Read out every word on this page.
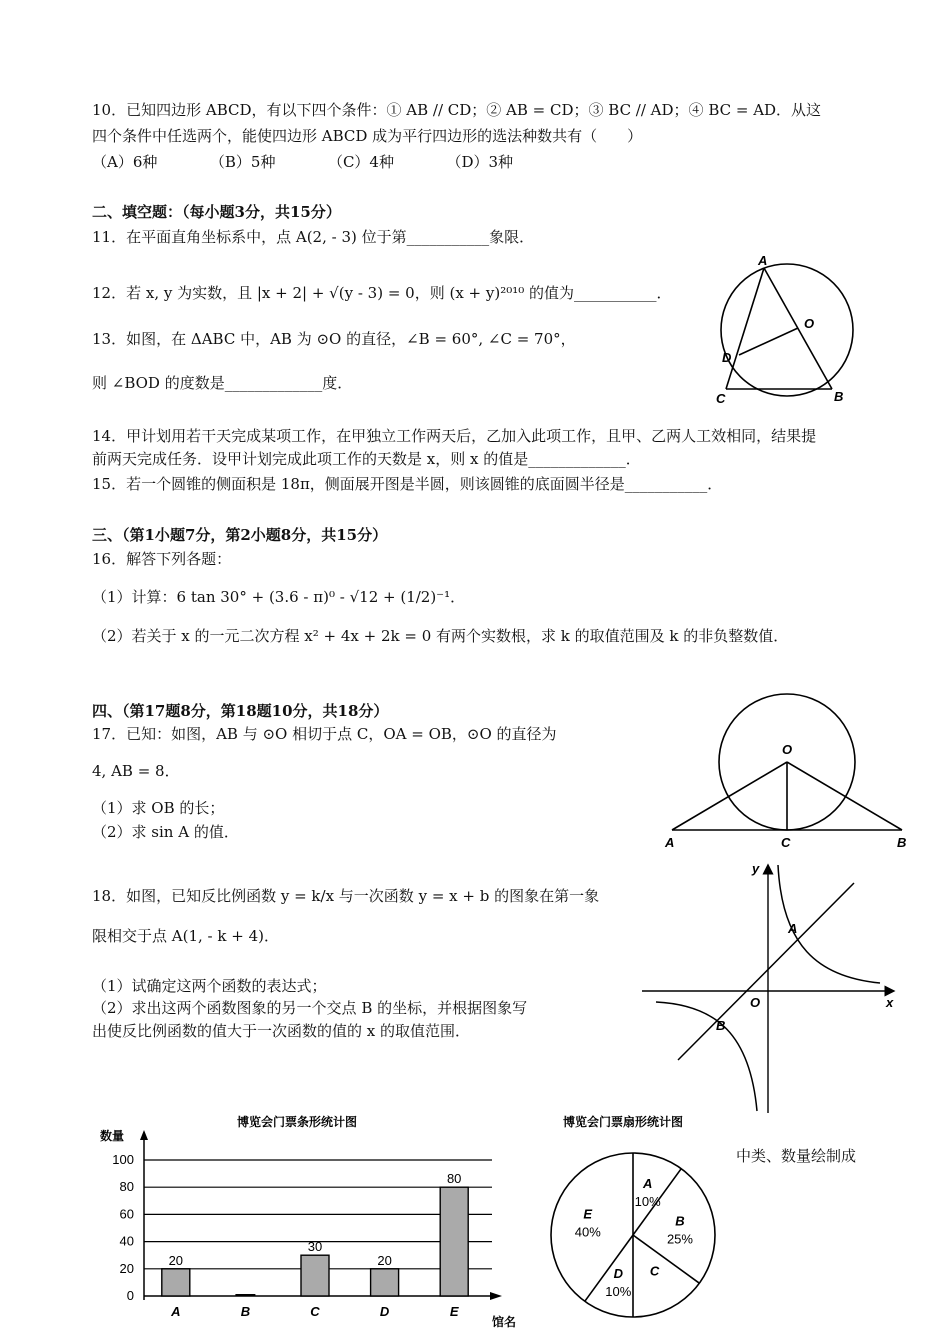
10．已知四边形 ABCD，有以下四个条件：① AB // CD；② AB = CD；③ BC // AD；④ BC = AD．从这
四个条件中任选两个，能使四边形 ABCD 成为平行四边形的选法种数共有（　　）
（A）6种　　　　（B）5种　　　　（C）4种　　　　（D）3种
二、填空题：（每小题3分，共15分）
11．在平面直角坐标系中，点 A(2, - 3) 位于第___________象限．
12．若 x, y 为实数，且 |x + 2| + √(y - 3) = 0，则 (x + y)²⁰¹⁰ 的值为___________．
13．如图，在 ΔABC 中，AB 为 ⊙O 的直径，∠B = 60°, ∠C = 70°，
则 ∠BOD 的度数是_____________度．
14．甲计划用若干天完成某项工作，在甲独立工作两天后，乙加入此项工作，且甲、乙两人工效相同，结果提
前两天完成任务．设甲计划完成此项工作的天数是 x，则 x 的值是_____________．
15．若一个圆锥的侧面积是 18π，侧面展开图是半圆，则该圆锥的底面圆半径是___________．
三、（第1小题7分，第2小题8分，共15分）
16．解答下列各题：
（1）计算：6 tan 30° + (3.6 - π)⁰ - √12 + (1/2)⁻¹．
（2）若关于 x 的一元二次方程 x² + 4x + 2k = 0 有两个实数根，求 k 的取值范围及 k 的非负整数值．
四、（第17题8分，第18题10分，共18分）
17．已知：如图，AB 与 ⊙O 相切于点 C，OA = OB，⊙O 的直径为
4, AB = 8．
（1）求 OB 的长；
（2）求 sin A 的值．
18．如图，已知反比例函数 y = k/x 与一次函数 y = x + b 的图象在第一象
限相交于点 A(1, - k + 4)．
（1）试确定这两个函数的表达式；
（2）求出这两个函数图象的另一个交点 B 的坐标，并根据图象写
出使反比例函数的值大于一次函数的值的 x 的取值范围．
中类、数量绘制成
A
O
D
C	B
O
A	C	B
y
x
O
A
B
博览会门票条形统计图
数量
馆名
0
20
40
60
80
100
20
A	B
30
C
20
D
80
E
博览会门票扇形统计图
A
10%
B
25%
C
D
10%
E
40%
